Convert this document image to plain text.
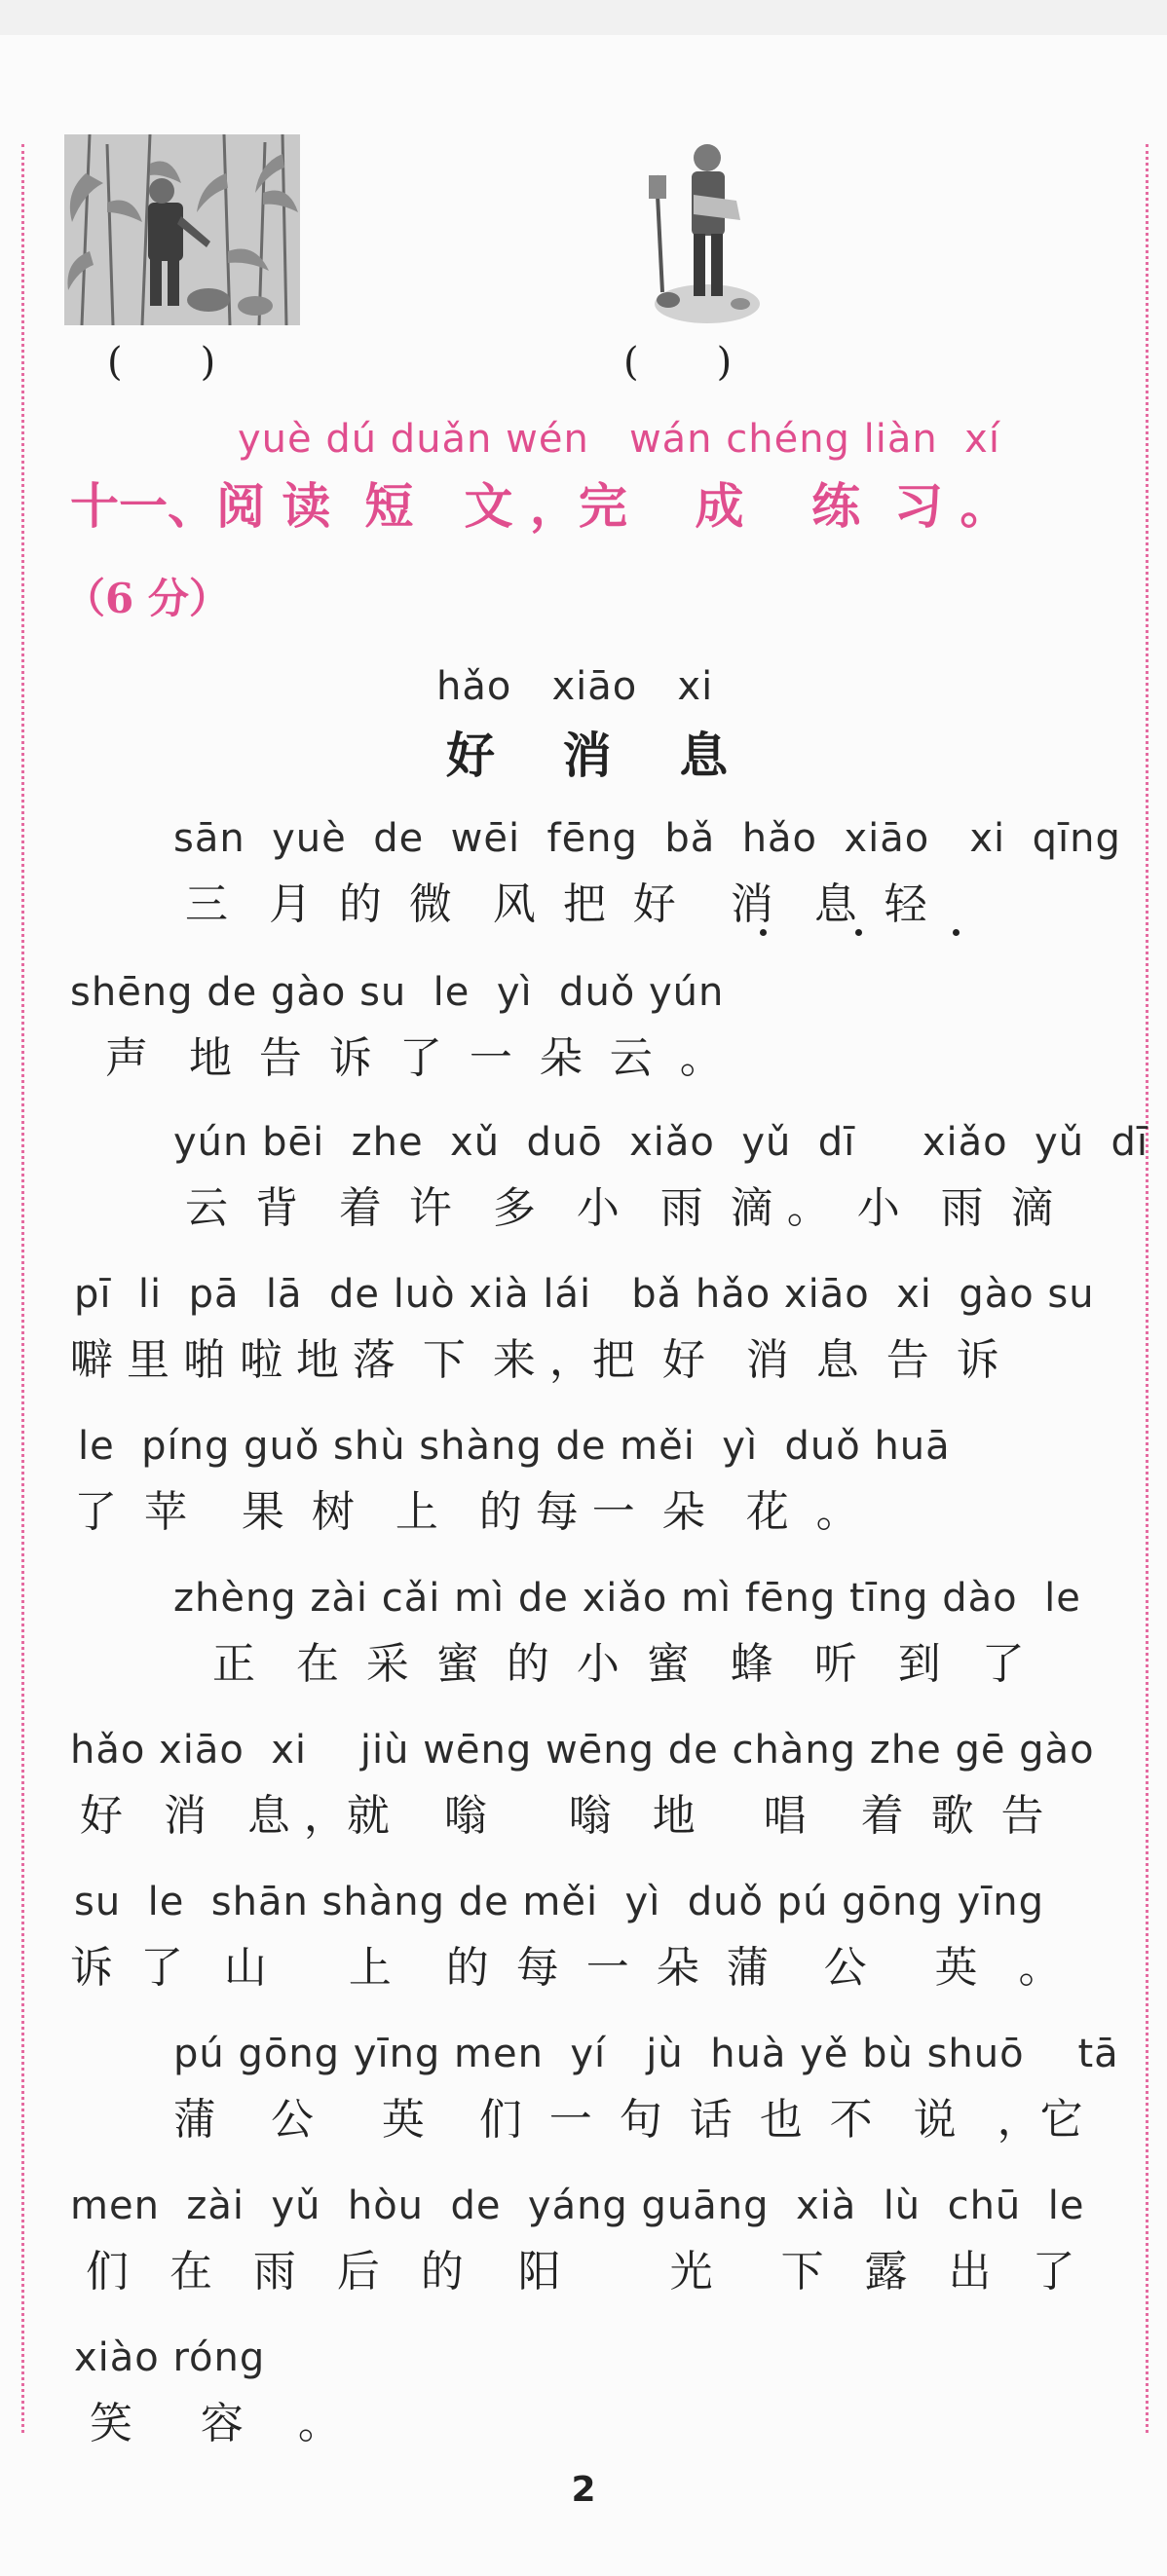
(　　)	(　　)
yuè dú duǎn wén   wán chéng liàn  xí
十一、阅 读  短   文 ，完    成    练  习 。
（6 分）
hǎo   xiāo   xi
好    消    息
sān  yuè  de  wēi  fēng  bǎ  hǎo  xiāo   xi  qīng
三   月  的  微   风  把  好    消   息  轻
shēng de gào su  le  yì  duǒ yún
声   地  告  诉  了  一  朵  云  。
yún bēi  zhe  xǔ  duō  xiǎo  yǔ  dī     xiǎo  yǔ  dī
云  背   着  许   多   小   雨  滴 。  小   雨  滴
pī  li  pā  lā  de luò xià lái   bǎ hǎo xiāo  xi  gào su
噼 里 啪 啦 地 落  下  来 ，把  好   消  息  告  诉
le  píng guǒ shù shàng de měi  yì  duǒ huā
了  苹    果  树   上   的 每 一  朵   花  。
zhèng zài cǎi mì de xiǎo mì fēng tīng dào  le
正   在  采  蜜  的  小  蜜   蜂   听   到   了
hǎo xiāo  xi    jiù wēng wēng de chàng zhe gē gào
好   消   息 ，就    嗡      嗡   地     唱    着  歌  告
su  le  shān shàng de měi  yì  duǒ pú gōng yīng
诉  了   山      上    的  每  一  朵  蒲    公     英   。
pú gōng yīng men  yí   jù  huà yě bù shuō    tā
蒲    公     英    们  一  句  话  也  不   说   ，它
men  zài  yǔ  hòu  de  yáng guāng  xià  lù  chū  le
们   在   雨   后   的    阳        光     下   露   出   了
xiào róng
笑     容    。
2
